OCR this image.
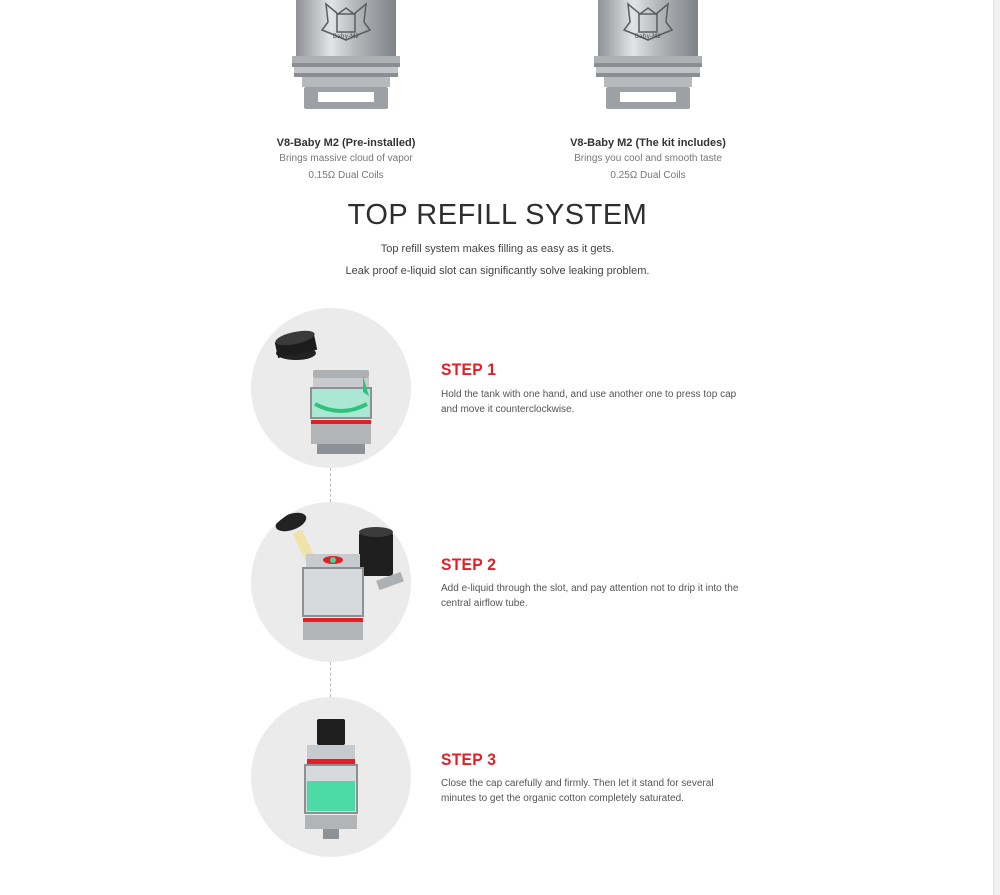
Baby-M2
V8-Baby M2 (Pre-installed)
Brings massive cloud of vapor
0.15Ω Dual Coils
Baby-M2
V8-Baby M2 (The kit includes)
Brings you cool and smooth taste
0.25Ω Dual Coils
TOP REFILL SYSTEM
Top refill system makes filling as easy as it gets.
Leak proof e-liquid slot can significantly solve leaking problem.
STEP 1
Hold the tank with one hand, and use another one to press top cap and move it counterclockwise.
STEP 2
Add e-liquid through the slot, and pay attention not to drip it into the central airflow tube.
STEP 3
Close the cap carefully and firmly. Then let it stand for several minutes to get the organic cotton completely saturated.
